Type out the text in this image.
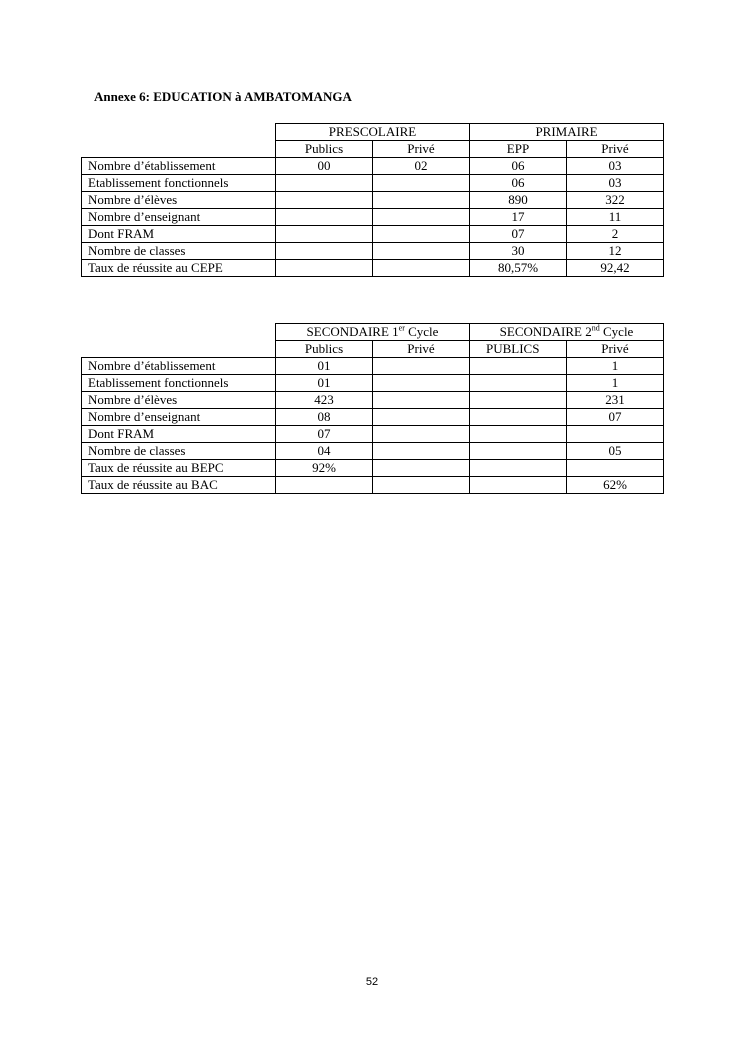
Annexe 6: EDUCATION à AMBATOMANGA

	PRESCOLAIRE		PRIMAIRE	
	Publics	Privé	EPP	Privé
Nombre d’établissement	00	02	06	03
Etablissement fonctionnels			06	03
Nombre d’élèves			890	322
Nombre d’enseignant			17	11
Dont FRAM			07	2
Nombre de classes			30	12
Taux de réussite au CEPE			80,57%	92,42
	SECONDAIRE 1er Cycle		SECONDAIRE 2nd Cycle	
	Publics	Privé	PUBLICS	Privé
Nombre d’établissement	01			1
Etablissement fonctionnels	01			1
Nombre d’élèves	423			231
Nombre d’enseignant	08			07
Dont FRAM	07			
Nombre de classes	04			05
Taux de réussite au BEPC	92%			
Taux de réussite au BAC				62%

52
